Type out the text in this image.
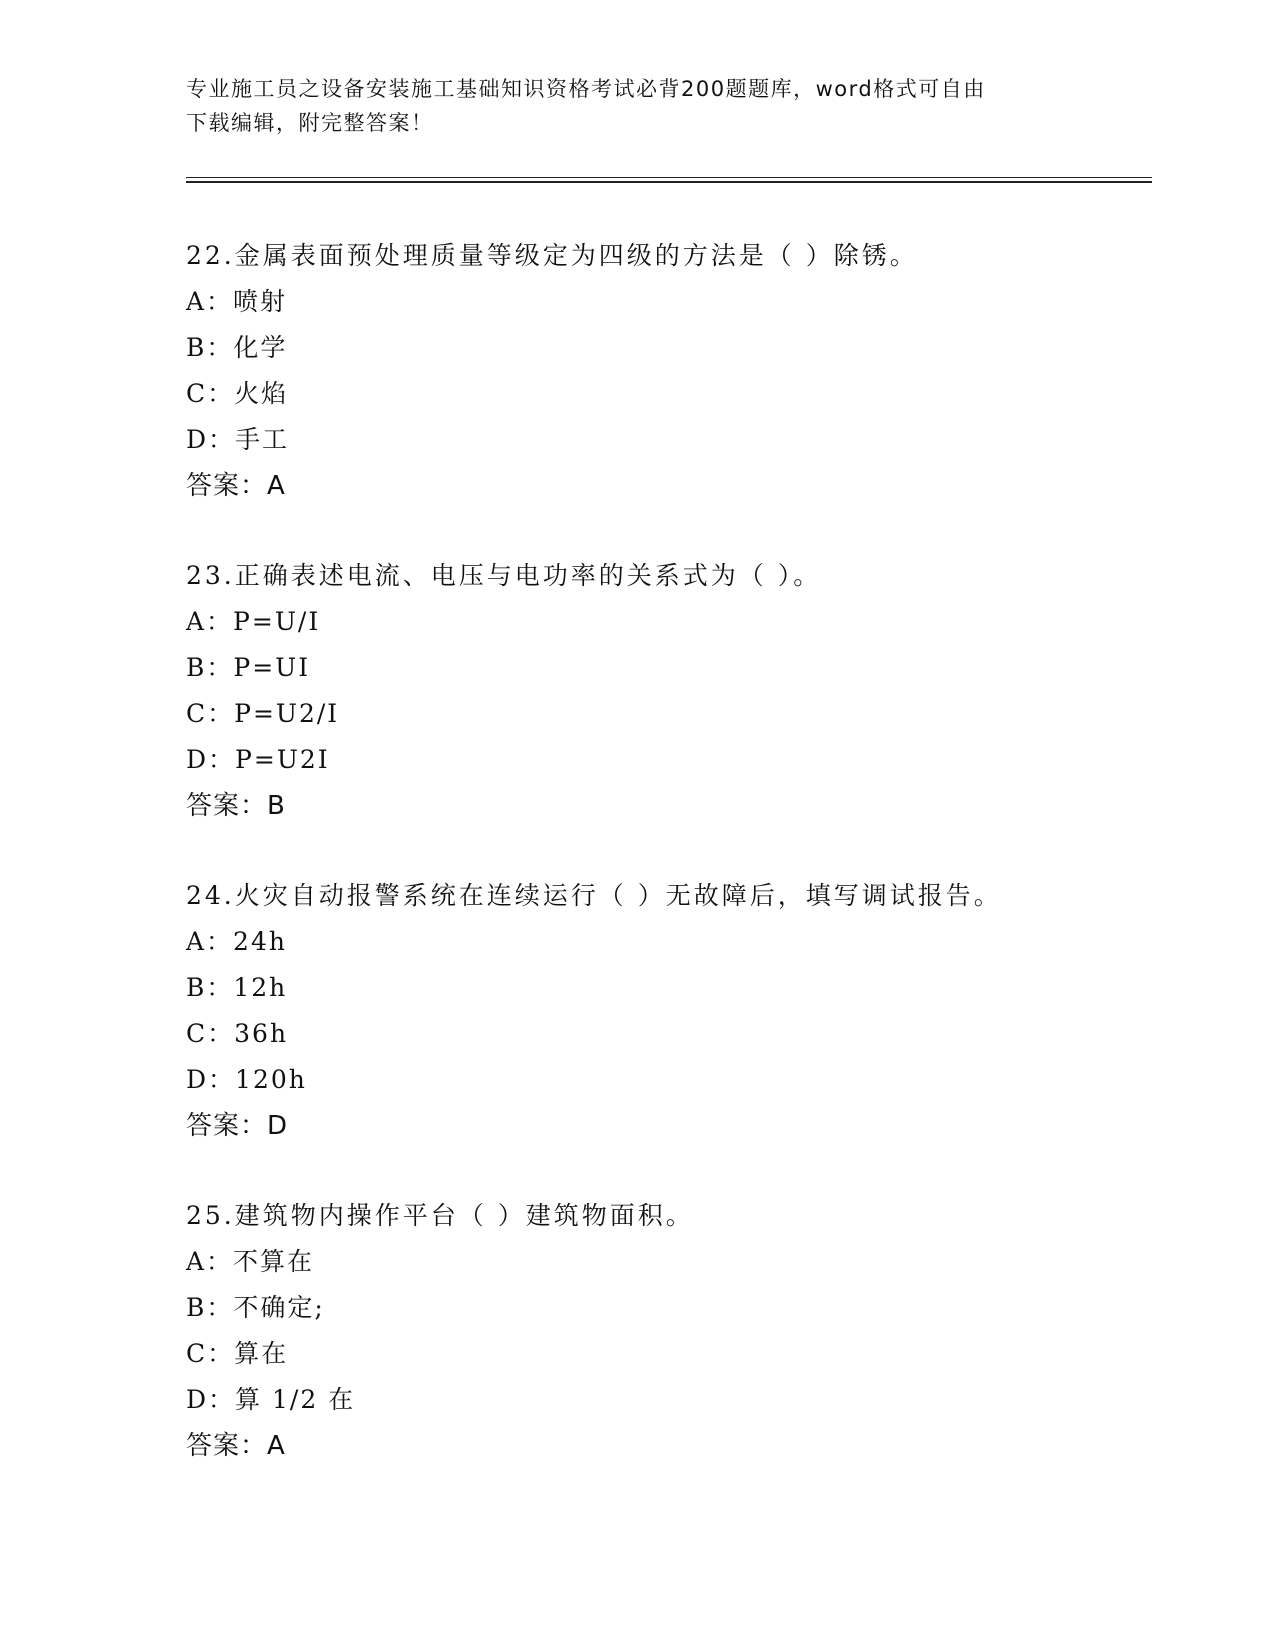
专业施工员之设备安装施工基础知识资格考试必背200题题库，word格式可自由
下载编辑，附完整答案！
22.金属表面预处理质量等级定为四级的方法是（ ）除锈。
A：喷射
B：化学
C：火焰
D：手工
答案：A
23.正确表述电流、电压与电功率的关系式为（ ）。
A：P=U/I
B：P=UI
C：P=U2/I
D：P=U2I
答案：B
24.火灾自动报警系统在连续运行（ ）无故障后，填写调试报告。
A：24h
B：12h
C：36h
D：120h
答案：D
25.建筑物内操作平台（ ）建筑物面积。
A：不算在
B：不确定;
C：算在
D：算 1/2 在
答案：A
